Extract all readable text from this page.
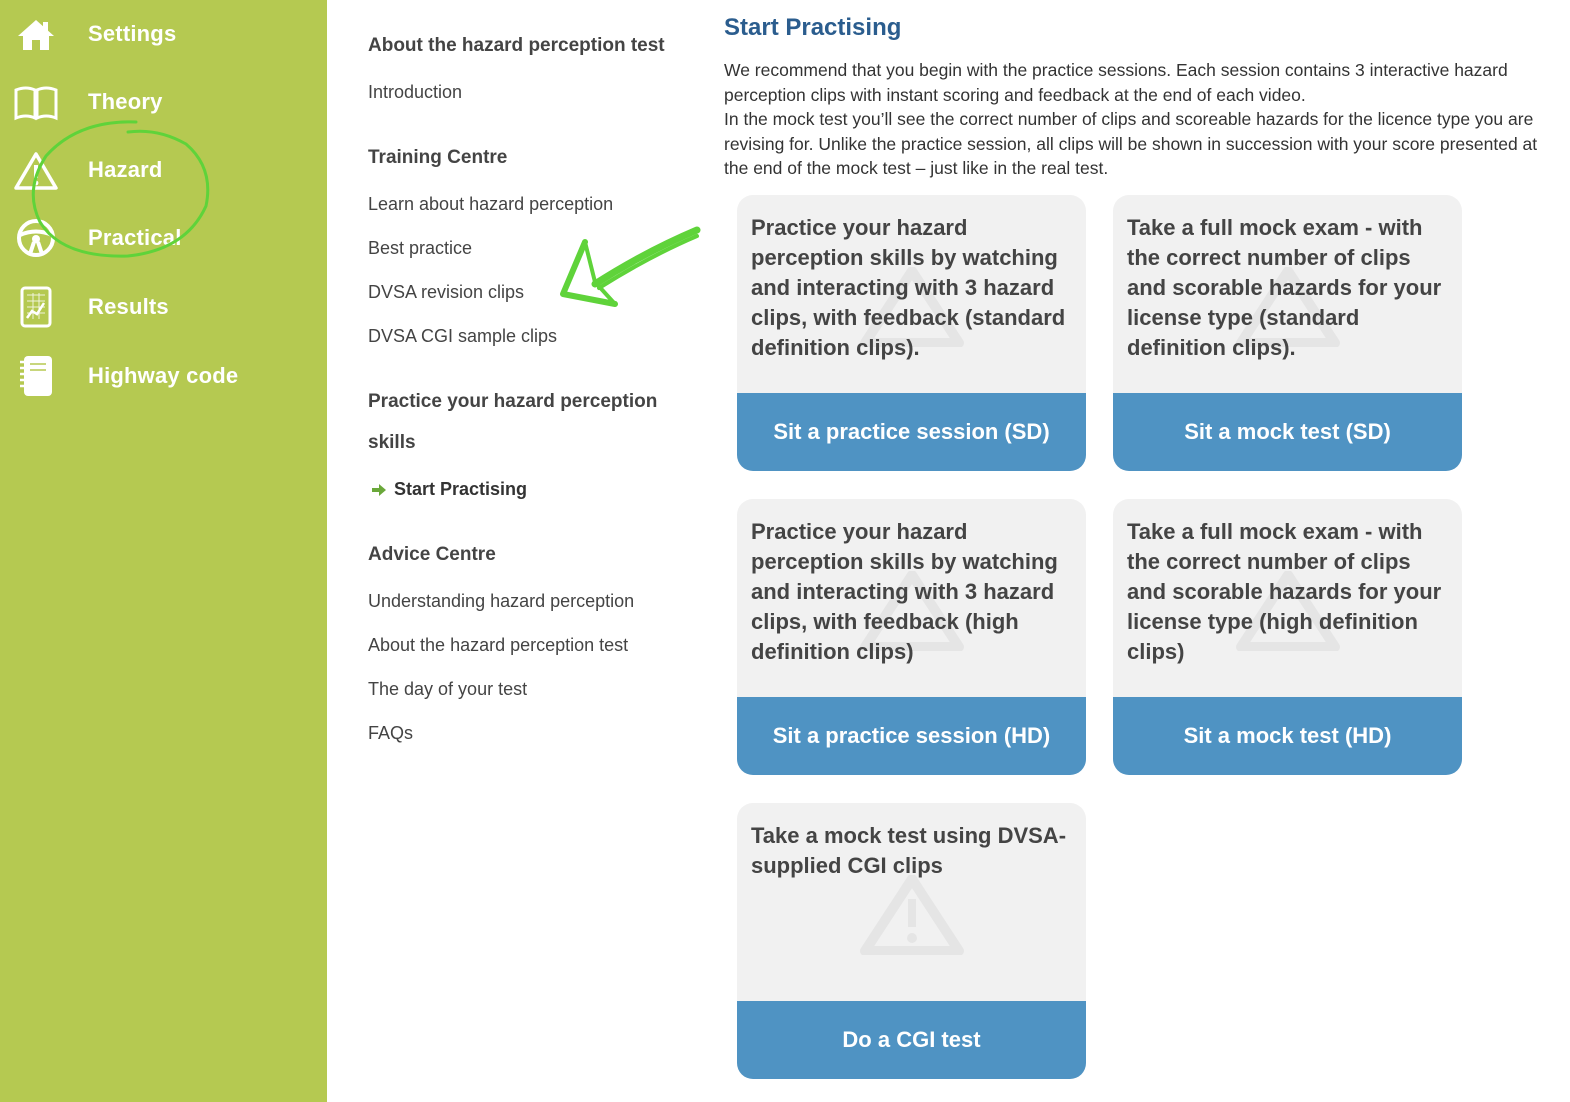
Settings
Theory
Hazard
Practical
Results
Highway code
About the hazard perception test
Introduction
Training Centre
Learn about hazard perception
Best practice
DVSA revision clips
DVSA CGI sample clips
Practice your hazard perception
skills
Start Practising
Advice Centre
Understanding hazard perception
About the hazard perception test
The day of your test
FAQs
Start Practising
We recommend that you begin with the practice sessions. Each session contains 3 interactive hazard perception clips with instant scoring and feedback at the end of each video.
In the mock test you’ll see the correct number of clips and scoreable hazards for the licence type you are revising for. Unlike the practice session, all clips will be shown in succession with your score presented at the end of the mock test – just like in the real test.
Practice your hazard perception skills by watching and interacting with 3 hazard clips, with feedback (standard definition clips).
Sit a practice session (SD)
Take a full mock exam - with the correct number of clips and scorable hazards for your license type (standard definition clips).
Sit a mock test (SD)
Practice your hazard perception skills by watching and interacting with 3 hazard clips, with feedback (high definition clips)
Sit a practice session (HD)
Take a full mock exam - with the correct number of clips and scorable hazards for your license type (high definition clips)
Sit a mock test (HD)
Take a mock test using DVSA-supplied CGI clips
Do a CGI test
